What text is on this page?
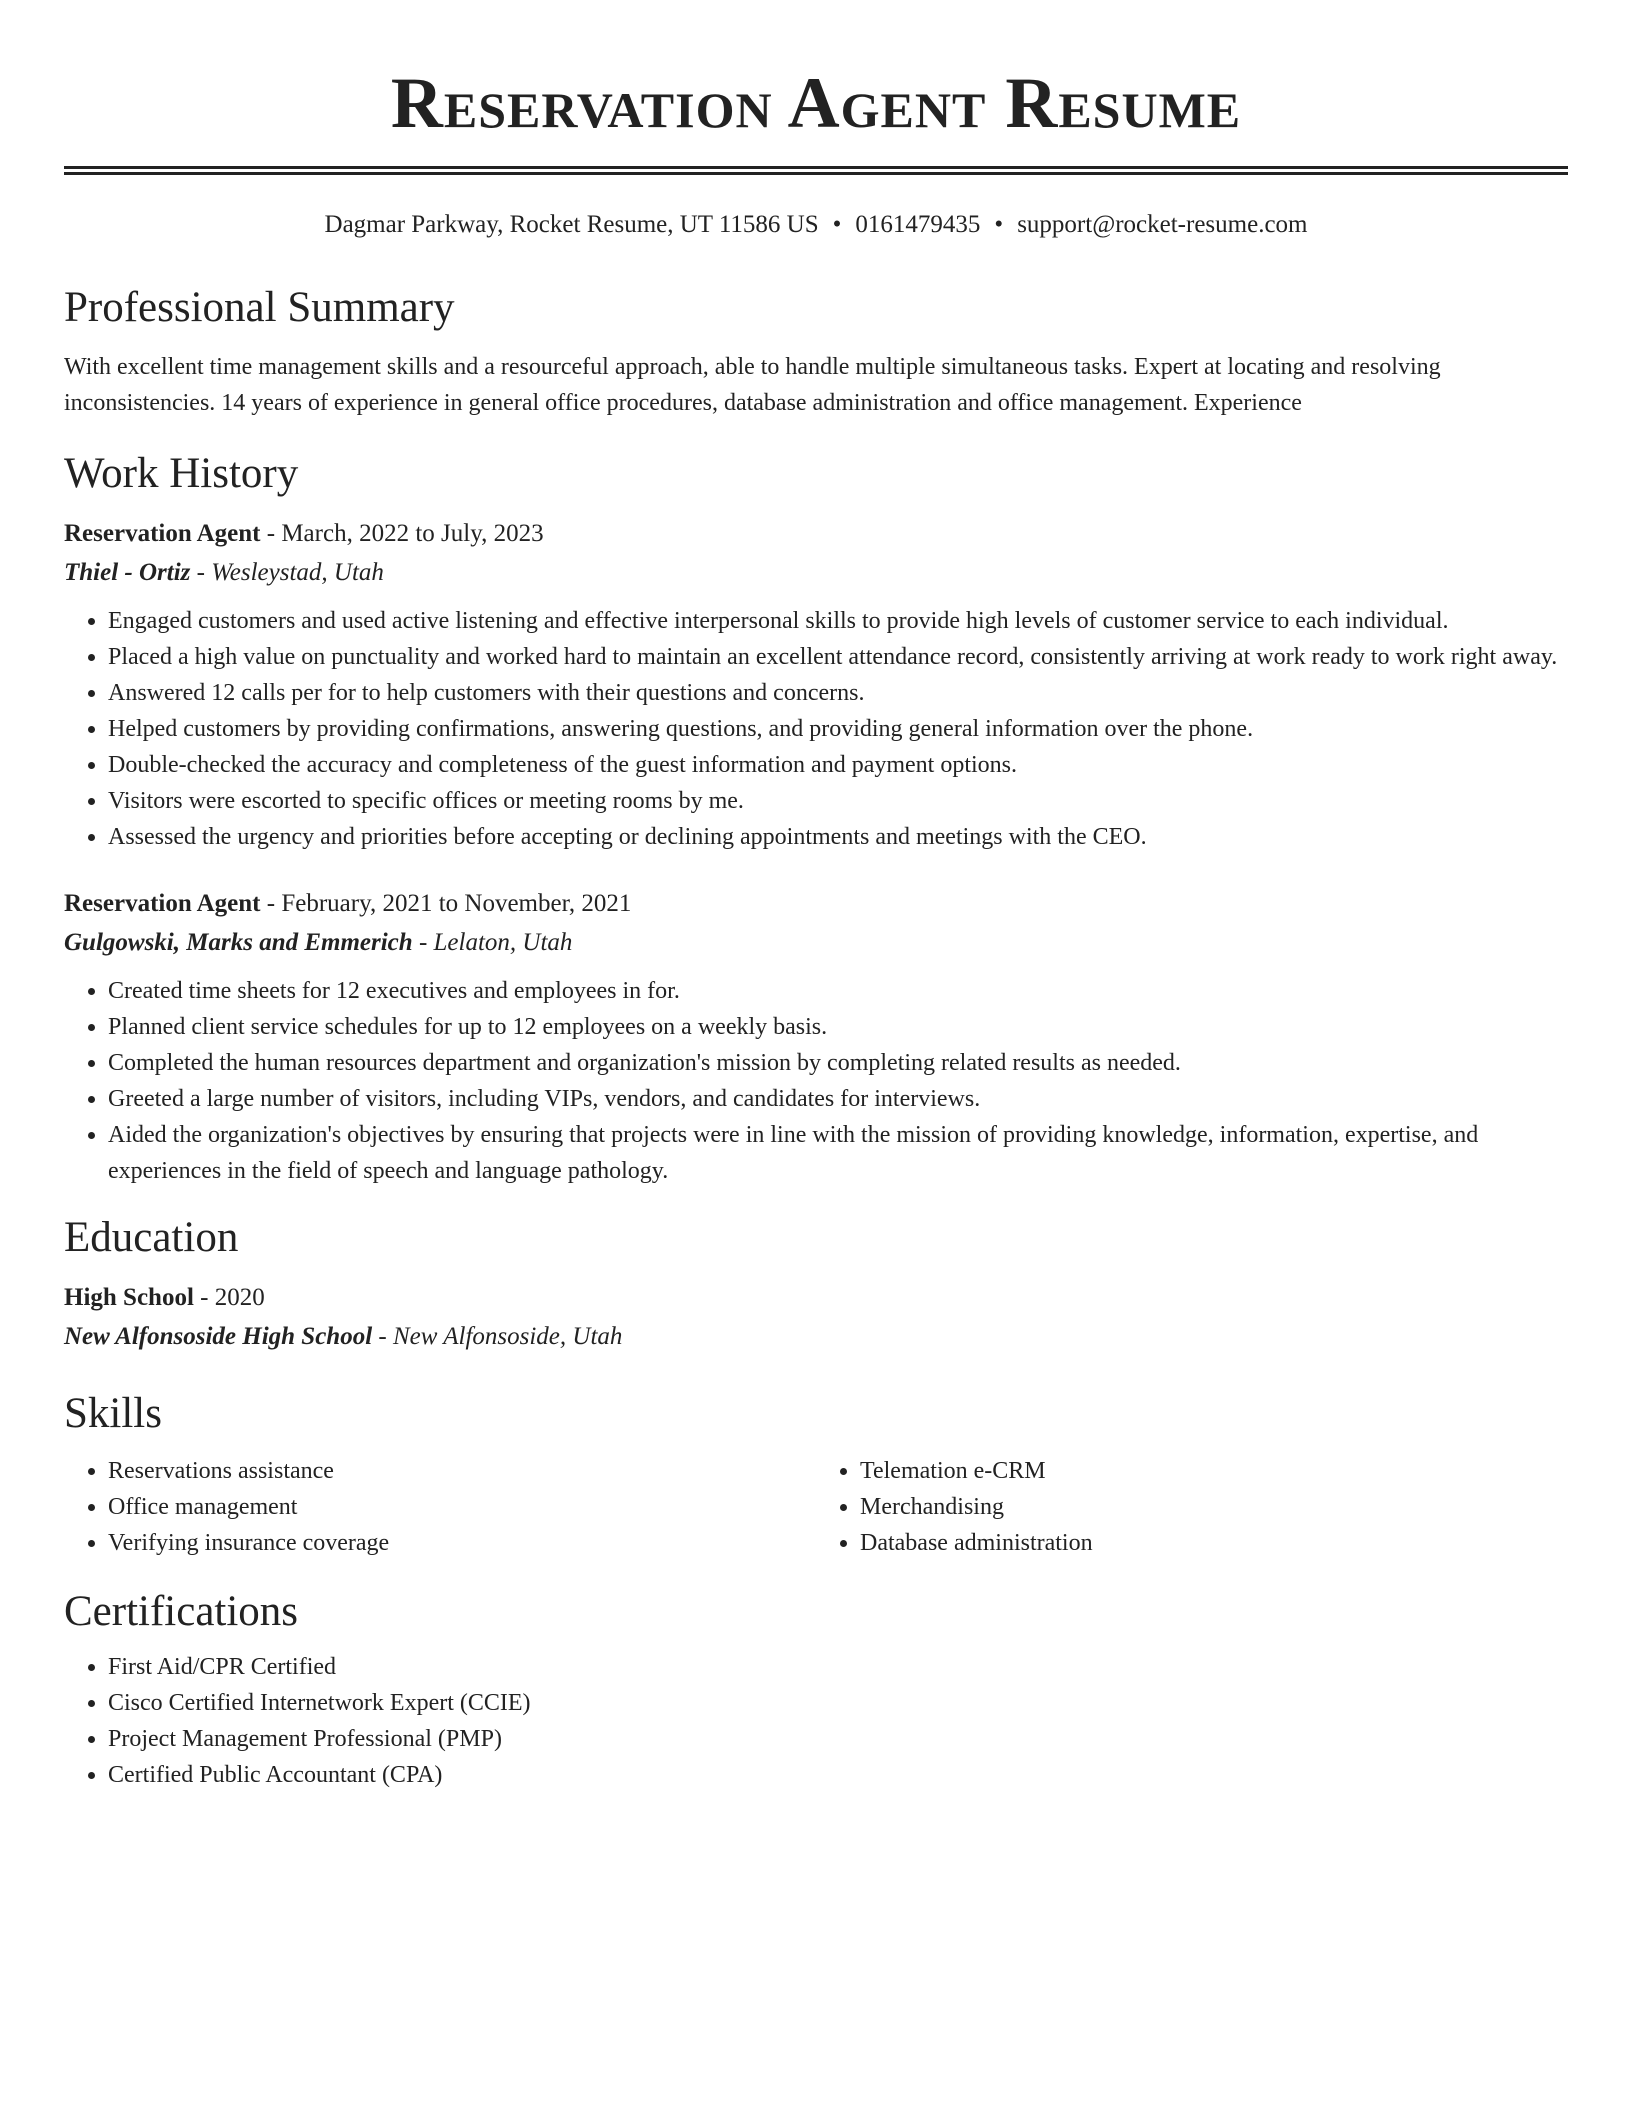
Reservation Agent Resume
Dagmar Parkway, Rocket Resume, UT 11586 US • 0161479435 • support@rocket-resume.com
Professional Summary

With excellent time management skills and a resourceful approach, able to handle multiple simultaneous tasks. Expert at locating and resolving inconsistencies. 14 years of experience in general office procedures, database administration and office management. Experience

Work History
Reservation Agent - March, 2022 to July, 2023
Thiel - Ortiz - Wesleystad, Utah
• Engaged customers and used active listening and effective interpersonal skills to provide high levels of customer service to each individual.
• Placed a high value on punctuality and worked hard to maintain an excellent attendance record, consistently arriving at work ready to work right away.
• Answered 12 calls per for to help customers with their questions and concerns.
• Helped customers by providing confirmations, answering questions, and providing general information over the phone.
• Double-checked the accuracy and completeness of the guest information and payment options.
• Visitors were escorted to specific offices or meeting rooms by me.
• Assessed the urgency and priorities before accepting or declining appointments and meetings with the CEO.
Reservation Agent - February, 2021 to November, 2021
Gulgowski, Marks and Emmerich - Lelaton, Utah
• Created time sheets for 12 executives and employees in for.
• Planned client service schedules for up to 12 employees on a weekly basis.
• Completed the human resources department and organization's mission by completing related results as needed.
• Greeted a large number of visitors, including VIPs, vendors, and candidates for interviews.
• Aided the organization's objectives by ensuring that projects were in line with the mission of providing knowledge, information, expertise, and experiences in the field of speech and language pathology.
Education
High School - 2020
New Alfonsoside High School - New Alfonsoside, Utah
Skills
• Reservations assistance
• Office management
• Verifying insurance coverage
• Telemation e-CRM
• Merchandising
• Database administration
Certifications
• First Aid/CPR Certified
• Cisco Certified Internetwork Expert (CCIE)
• Project Management Professional (PMP)
• Certified Public Accountant (CPA)
